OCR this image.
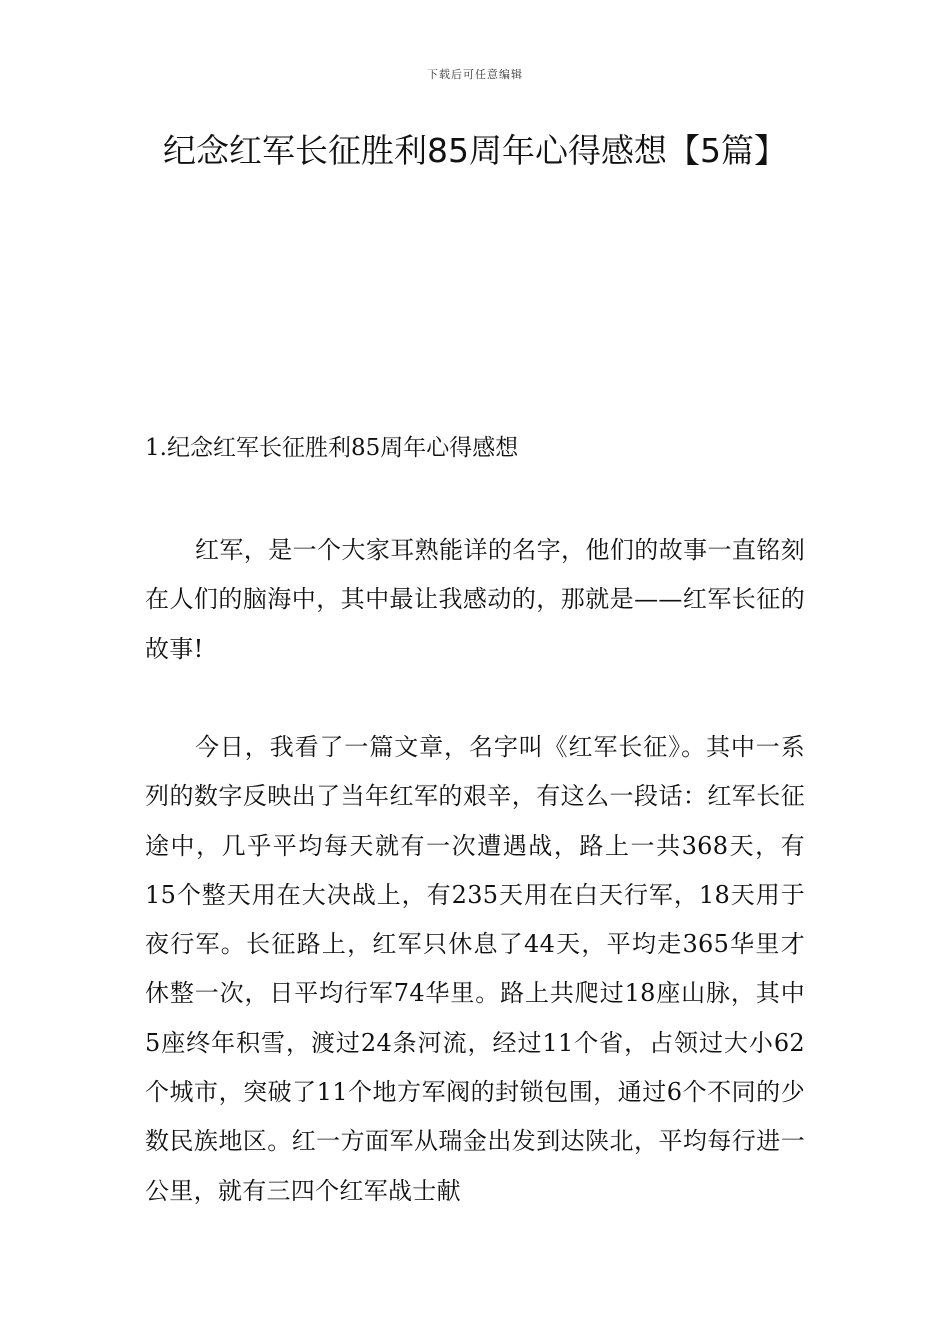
下载后可任意编辑
纪念红军长征胜利85周年心得感想【5篇】
1.纪念红军长征胜利85周年心得感想

红军，是一个大家耳熟能详的名字，他们的故事一直铭刻在人们的脑海中，其中最让我感动的，那就是——红军长征的故事!

今日，我看了一篇文章，名字叫《红军长征》。其中一系列的数字反映出了当年红军的艰辛，有这么一段话：红军长征途中，几乎平均每天就有一次遭遇战，路上一共368天，有15个整天用在大决战上，有235天用在白天行军，18天用于夜行军。长征路上，红军只休息了44天，平均走365华里才休整一次，日平均行军74华里。路上共爬过18座山脉，其中5座终年积雪，渡过24条河流，经过11个省，占领过大小62个城市，突破了11个地方军阀的封锁包围，通过6个不同的少数民族地区。红一方面军从瑞金出发到达陕北，平均每行进一公里，就有三四个红军战士献
